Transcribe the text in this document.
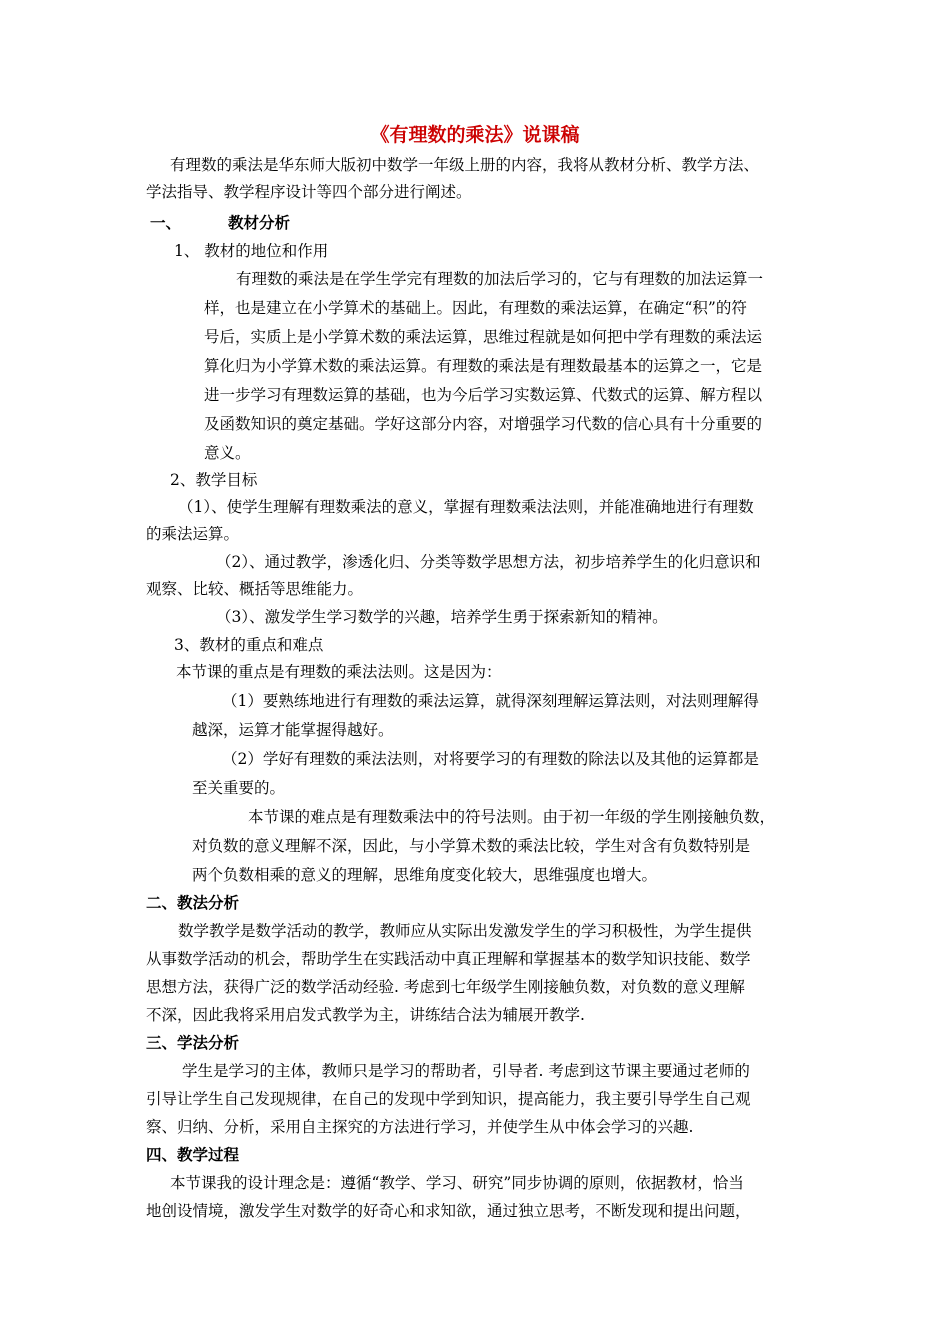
《有理数的乘法》说课稿
有理数的乘法是华东师大版初中数学一年级上册的内容，我将从教材分析、教学方法、
学法指导、教学程序设计等四个部分进行阐述。
一、	教材分析
1、 教材的地位和作用
有理数的乘法是在学生学完有理数的加法后学习的，它与有理数的加法运算一
样，也是建立在小学算术的基础上。因此，有理数的乘法运算，在确定“积”的符
号后，实质上是小学算术数的乘法运算，思维过程就是如何把中学有理数的乘法运
算化归为小学算术数的乘法运算。有理数的乘法是有理数最基本的运算之一，它是
进一步学习有理数运算的基础，也为今后学习实数运算、代数式的运算、解方程以
及函数知识的奠定基础。学好这部分内容，对增强学习代数的信心具有十分重要的
意义。
2、教学目标
（1）、使学生理解有理数乘法的意义，掌握有理数乘法法则，并能准确地进行有理数
的乘法运算。
（2）、通过教学，渗透化归、分类等数学思想方法，初步培养学生的化归意识和
观察、比较、概括等思维能力。
（3）、激发学生学习数学的兴趣，培养学生勇于探索新知的精神。
3、教材的重点和难点
本节课的重点是有理数的乘法法则。这是因为：
（1）要熟练地进行有理数的乘法运算，就得深刻理解运算法则，对法则理解得
越深，运算才能掌握得越好。
（2）学好有理数的乘法法则，对将要学习的有理数的除法以及其他的运算都是
至关重要的。
本节课的难点是有理数乘法中的符号法则。由于初一年级的学生刚接触负数，
对负数的意义理解不深，因此，与小学算术数的乘法比较，学生对含有负数特别是
两个负数相乘的意义的理解，思维角度变化较大，思维强度也增大。
二、教法分析
数学教学是数学活动的教学，教师应从实际出发激发学生的学习积极性，为学生提供
从事数学活动的机会，帮助学生在实践活动中真正理解和掌握基本的数学知识技能、数学
思想方法，获得广泛的数学活动经验. 考虑到七年级学生刚接触负数，对负数的意义理解
不深，因此我将采用启发式教学为主，讲练结合法为辅展开教学.
三、学法分析
学生是学习的主体，教师只是学习的帮助者，引导者. 考虑到这节课主要通过老师的
引导让学生自己发现规律，在自己的发现中学到知识，提高能力，我主要引导学生自己观
察、归纳、分析，采用自主探究的方法进行学习，并使学生从中体会学习的兴趣.
四、教学过程
本节课我的设计理念是：遵循“教学、学习、研究”同步协调的原则，依据教材，恰当
地创设情境，激发学生对数学的好奇心和求知欲，通过独立思考，不断发现和提出问题，
